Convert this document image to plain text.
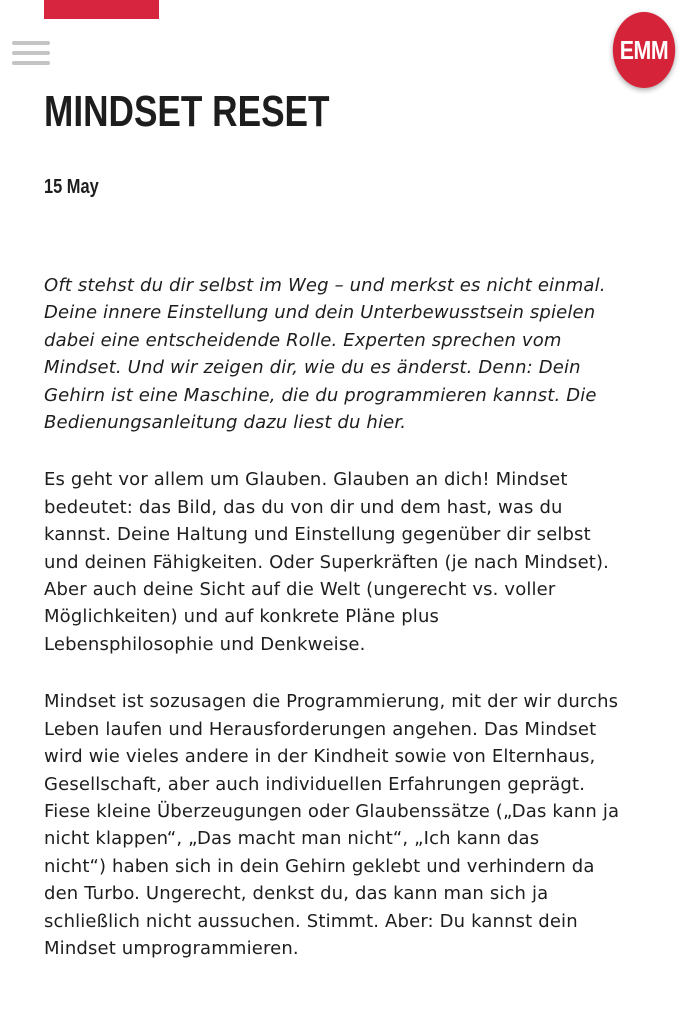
EMM
MINDSET RESET
15 May

Oft stehst du dir selbst im Weg – und merkst es nicht einmal.
Deine innere Einstellung und dein Unterbewusstsein spielen
dabei eine entscheidende Rolle. Experten sprechen vom
Mindset. Und wir zeigen dir, wie du es änderst. Denn: Dein
Gehirn ist eine Maschine, die du programmieren kannst. Die
Bedienungsanleitung dazu liest du hier.

Es geht vor allem um Glauben. Glauben an dich! Mindset
bedeutet: das Bild, das du von dir und dem hast, was du
kannst. Deine Haltung und Einstellung gegenüber dir selbst
und deinen Fähigkeiten. Oder Superkräften (je nach Mindset).
Aber auch deine Sicht auf die Welt (ungerecht vs. voller
Möglichkeiten) und auf konkrete Pläne plus
Lebensphilosophie und Denkweise.

Mindset ist sozusagen die Programmierung, mit der wir durchs
Leben laufen und Herausforderungen angehen. Das Mindset
wird wie vieles andere in der Kindheit sowie von Elternhaus,
Gesellschaft, aber auch individuellen Erfahrungen geprägt.
Fiese kleine Überzeugungen oder Glaubenssätze („Das kann ja
nicht klappen“, „Das macht man nicht“, „Ich kann das
nicht“) haben sich in dein Gehirn geklebt und verhindern da
den Turbo. Ungerecht, denkst du, das kann man sich ja
schließlich nicht aussuchen. Stimmt. Aber: Du kannst dein
Mindset umprogrammieren.
